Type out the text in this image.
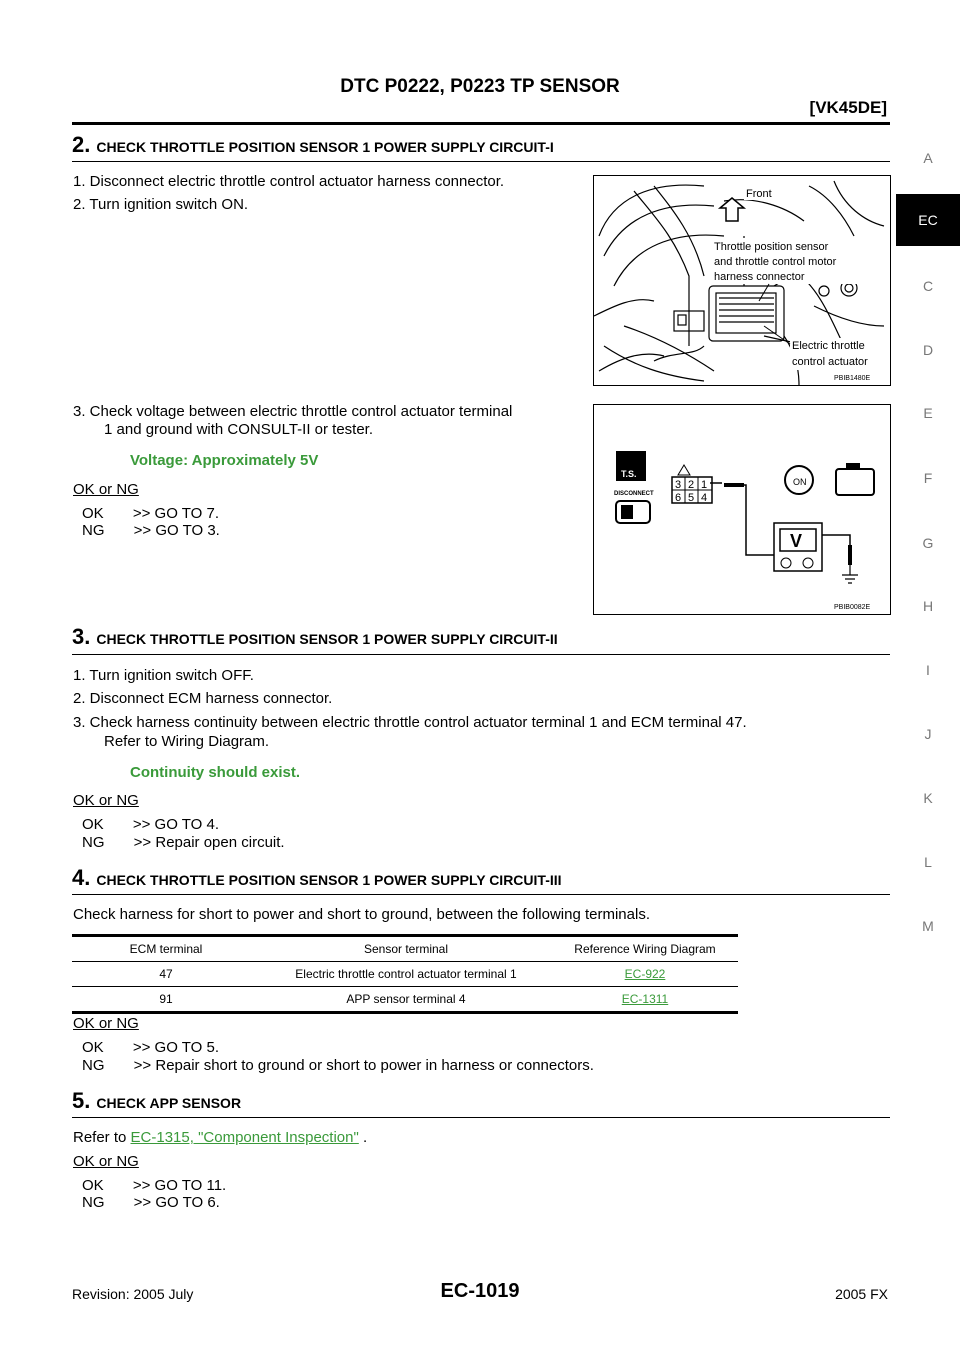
DTC P0222, P0223 TP SENSOR
[VK45DE]
A
EC
C
D
E
F
G
H
I
J
K
L
M
2. CHECK THROTTLE POSITION SENSOR 1 POWER SUPPLY CIRCUIT-I
1. Disconnect electric throttle control actuator harness connector.
2. Turn ignition switch ON.
3. Check voltage between electric throttle control actuator terminal
1 and ground with CONSULT-II or tester.
Voltage: Approximately 5V
OK or NG
OK       >> GO TO 7.
NG       >> GO TO 3.
Front
Throttle position sensor
and throttle control motor
harness connector
Electric throttle
control actuator
PBIB1480E
T.S.
DISCONNECT
3 2 1
6 5 4
V
ON
PBIB0082E
3. CHECK THROTTLE POSITION SENSOR 1 POWER SUPPLY CIRCUIT-II
1. Turn ignition switch OFF.
2. Disconnect ECM harness connector.
3. Check harness continuity between electric throttle control actuator terminal 1 and ECM terminal 47.
Refer to Wiring Diagram.
Continuity should exist.
OK or NG
OK       >> GO TO 4.
NG       >> Repair open circuit.
4. CHECK THROTTLE POSITION SENSOR 1 POWER SUPPLY CIRCUIT-III
Check harness for short to power and short to ground, between the following terminals.
ECM terminal	Sensor terminal	Reference Wiring Diagram
47	Electric throttle control actuator terminal 1	EC-922
91	APP sensor terminal 4	EC-1311
OK or NG
OK       >> GO TO 5.
NG       >> Repair short to ground or short to power in harness or connectors.
5. CHECK APP SENSOR
Refer to EC-1315, "Component Inspection" .
OK or NG
OK       >> GO TO 11.
NG       >> GO TO 6.
Revision: 2005 July	EC-1019	2005 FX
